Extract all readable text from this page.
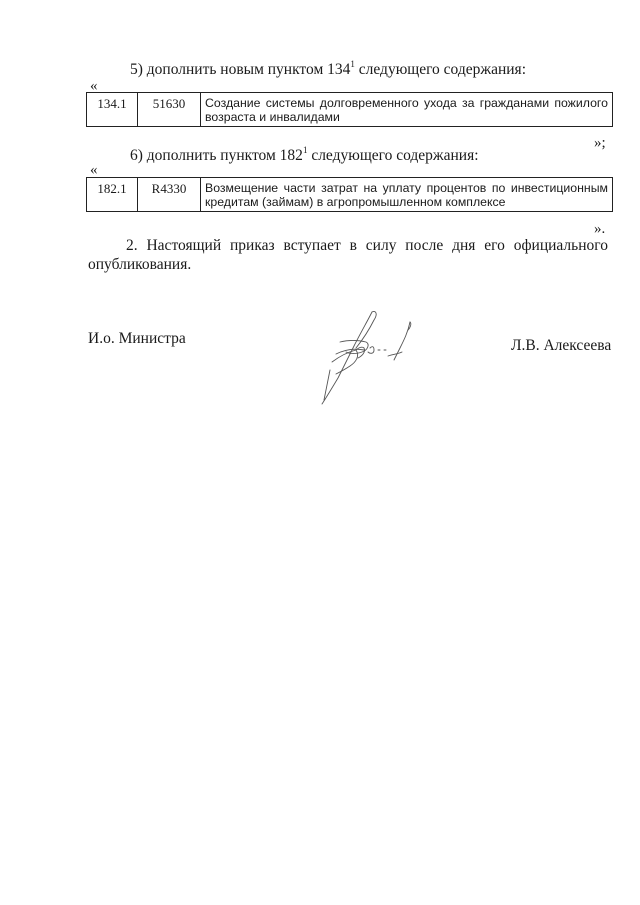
5) дополнить новым пунктом $134^1$ следующего содержания:
«
134.1	51630	Создание системы долговременного ухода за гражданами пожилого возраста и инвалидами
»;
6) дополнить пунктом $182^1$ следующего содержания:
«
182.1	R4330	Возмещение части затрат на уплату процентов по инвестиционным кредитам (займам) в агропромышленном комплексе
».
2. Настоящий приказ вступает в силу после дня его официального опубликования.
И.о. Министра	Л.В. Алексеева
